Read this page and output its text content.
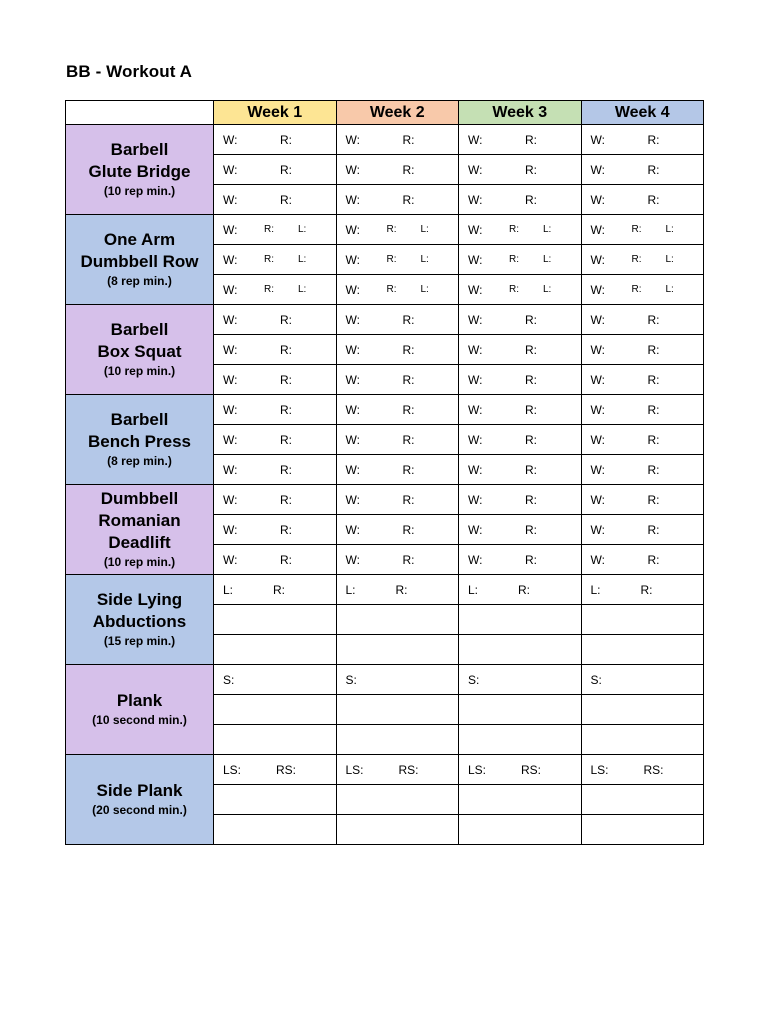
BB - Workout A
	Week 1	Week 2	Week 3	Week 4

Barbell
Glute Bridge
(10 rep min.)	W: R:	W: R:	W: R:	W: R:

	W: R:	W: R:	W: R:	W: R:

	W: R:	W: R:	W: R:	W: R:

One Arm
Dumbbell Row
(8 rep min.)	W: R: L:	W: R: L:	W: R: L:	W: R: L:

	W: R: L:	W: R: L:	W: R: L:	W: R: L:

	W: R: L:	W: R: L:	W: R: L:	W: R: L:

Barbell
Box Squat
(10 rep min.)	W: R:	W: R:	W: R:	W: R:

	W: R:	W: R:	W: R:	W: R:

	W: R:	W: R:	W: R:	W: R:

Barbell
Bench Press
(8 rep min.)	W: R:	W: R:	W: R:	W: R:

	W: R:	W: R:	W: R:	W: R:

	W: R:	W: R:	W: R:	W: R:

Dumbbell
Romanian
Deadlift
(10 rep min.)	W: R:	W: R:	W: R:	W: R:

	W: R:	W: R:	W: R:	W: R:

	W: R:	W: R:	W: R:	W: R:

Side Lying
Abductions
(15 rep min.)	L: R:	L: R:	L: R:	L: R:

Plank
(10 second min.)	S:	S:	S:	S:

Side Plank
(20 second min.)	LS: RS:	LS: RS:	LS: RS:	LS: RS:
